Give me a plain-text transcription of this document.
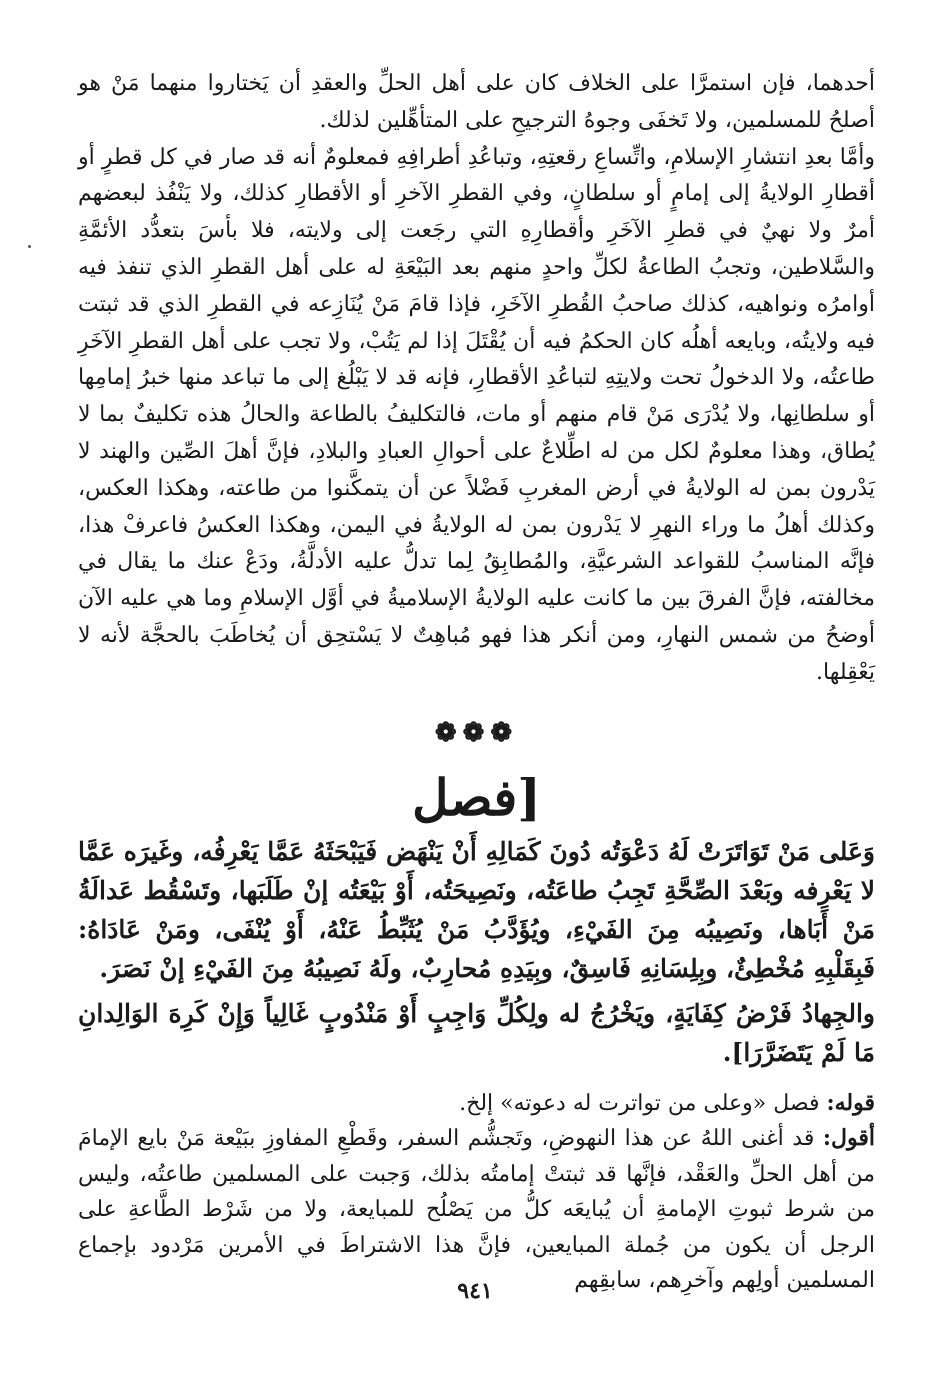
أحدهما، فإن استمرَّا على الخلاف كان على أهل الحلِّ والعقدِ أن يَختاروا منهما مَنْ هو أصلحُ للمسلمين، ولا تَخفَى وجوهُ الترجيحِ على المتأهِّلين لذلك.

وأمَّا بعدِ انتشارِ الإسلامِ، واتِّساعِ رقعتِهِ، وتباعُدِ أطرافِهِ فمعلومٌ أنه قد صار في كل قطرٍ أو أقطارِ الولايةُ إلى إمامٍ أو سلطانٍ، وفي القطرِ الآخرِ أو الأقطارِ كذلك، ولا يَنْفُذ لبعضهم أمرٌ ولا نهيٌ في قطرِ الآخَرِ وأقطارِهِ التي رجَعت إلى ولايته، فلا بأسَ بتعدُّد الأئمَّةِ والسَّلاطين، وتجبُ الطاعةُ لكلِّ واحدٍ منهم بعد البَيْعَةِ له على أهل القطرِ الذي تنفذ فيه أوامرُه ونواهيه، كذلك صاحبُ القُطرِ الآخَرِ، فإذا قامَ مَنْ يُنَازِعه في القطرِ الذي قد ثبتت فيه ولايتُه، وبايعه أهلُه كان الحكمُ فيه أن يُقْتَلَ إذا لم يَتُبْ، ولا تجب على أهل القطرِ الآخَرِ طاعتُه، ولا الدخولُ تحت ولايتِهِ لتباعُدِ الأقطارِ، فإنه قد لا يَبْلُغ إلى ما تباعد منها خبرُ إمامِها أو سلطانِها، ولا يُدْرَى مَنْ قام منهم أو مات، فالتكليفُ بالطاعة والحالُ هذه تكليفٌ بما لا يُطاق، وهذا معلومٌ لكل من له اطِّلاعٌ على أحوالِ العبادِ والبلادِ، فإنَّ أهلَ الصِّين والهند لا يَدْرون بمن له الولايةُ في أرض المغربِ فَضْلاً عن أن يتمكَّنوا من طاعته، وهكذا العكس، وكذلك أهلُ ما وراء النهرِ لا يَدْرون بمن له الولايةُ في اليمن، وهكذا العكسُ فاعرفْ هذا، فإنَّه المناسبُ للقواعد الشرعيَّةِ، والمُطابِقُ لِما تدلُّ عليه الأدلَّةُ، ودَعْ عنك ما يقال في مخالفته، فإنَّ الفرقَ بين ما كانت عليه الولايةُ الإسلاميةُ في أوَّل الإسلامِ وما هي عليه الآن أوضحُ من شمس النهارِ، ومن أنكر هذا فهو مُباهِتٌ لا يَسْتحِق أن يُخاطَبَ بالحجَّة لأنه لا يَعْقِلها.

❁❁❁
[فصل

وَعَلى مَنْ تَوَاتَرَتْ لَهُ دَعْوَتُه دُونَ كَمَالِهِ أَنْ يَنْهَض فَيَبْحَثَهُ عَمَّا يَعْرِفُه، وغَيرَه عَمَّا لا يَعْرِفه وبَعْدَ الصِّحَّةِ تَجِبُ طاعَتُه، ونَصِيحَتُه، أَوْ بَيْعَتُه إنْ طَلَبَها، وتَسْقُط عَدالَةُ مَنْ أَبَاها، ونَصِيبُه مِنَ الفَيْءِ، ويُؤَدَّبُ مَنْ يُثَبِّطُ عَنْهُ، أَوْ يُنْفَى، ومَنْ عَادَاهُ: فَبِقَلْبِهِ مُخْطِئٌ، وبِلِسَانِهِ فَاسِقٌ، وبِيَدِهِ مُحارِبٌ، ولَهُ نَصِيبُهُ مِنَ الفَيْءِ إنْ نَصَرَ.

والجِهادُ فَرْضُ كِفَايَةٍ، ويَخْرُجُ له ولِكُلِّ وَاجِبٍ أَوْ مَنْدُوبٍ غَالِياً وَإِنْ كَرِهَ الوَالِدانِ مَا لَمْ يَتَضَرَّرَا].

قوله: فصل «وعلى من تواترت له دعوته» إلخ.

أقول: قد أغنى اللهُ عن هذا النهوضِ، وتَجشُّم السفر، وقَطْعِ المفاوزِ ببَيْعة مَنْ بايع الإمامَ من أهل الحلِّ والعَقْد، فإنَّها قد ثبتتْ إمامتُه بذلك، وَجبت على المسلمين طاعتُه، وليس من شرط ثبوتِ الإمامةِ أن يُبايعَه كلُّ من يَصْلُح للمبايعة، ولا من شَرْط الطَّاعةِ على الرجل أن يكون من جُملة المبايعين، فإنَّ هذا الاشتراطَ في الأمرين مَرْدود بإجماع المسلمين أولِهم وآخرِهم، سابقِهم

٩٤١
